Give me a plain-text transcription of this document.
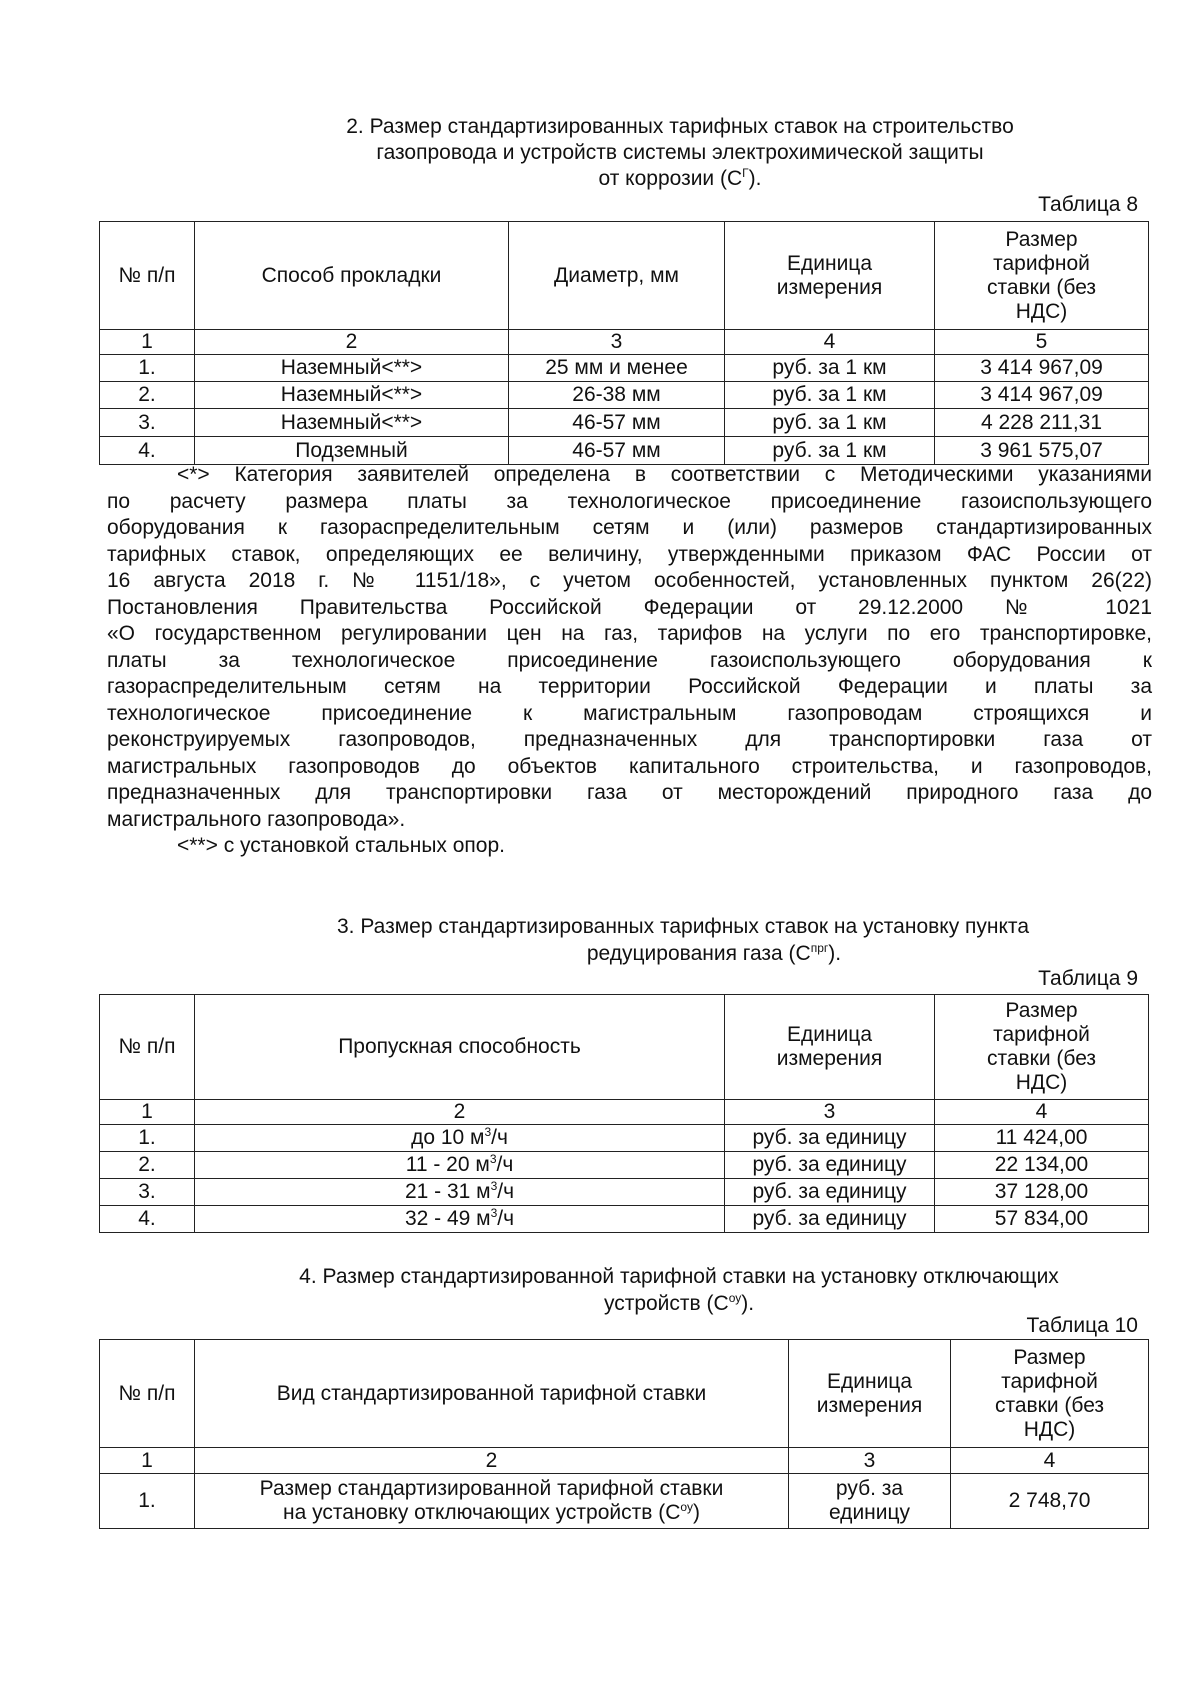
2. Размер стандартизированных тарифных ставок на строительство
газопровода и устройств системы электрохимической защиты
от коррозии $(С^Г)$.
Таблица 8
№ п/п	Способ прокладки	Диаметр, мм	Единица измерения	Размер тарифной ставки (без НДС)
1	2	3	4	5
1.	Наземный<**>	25 мм и менее	руб. за 1 км	3 414 967,09
2.	Наземный<**>	26-38 мм	руб. за 1 км	3 414 967,09
3.	Наземный<**>	46-57 мм	руб. за 1 км	4 228 211,31
4.	Подземный	46-57 мм	руб. за 1 км	3 961 575,07
<*> Категория заявителей определена в соответствии с Методическими указаниями
по расчету размера платы за технологическое присоединение газоиспользующего
оборудования к газораспределительным сетям и (или) размеров стандартизированных
тарифных ставок, определяющих ее величину, утвержденными приказом ФАС России от
16 августа 2018 г. № 1151/18», с учетом особенностей, установленных пунктом 26(22)
Постановления Правительства Российской Федерации от 29.12.2000 № 1021
«О государственном регулировании цен на газ, тарифов на услуги по его транспортировке,
платы за технологическое присоединение газоиспользующего оборудования к
газораспределительным сетям на территории Российской Федерации и платы за
технологическое присоединение к магистральным газопроводам строящихся и
реконструируемых газопроводов, предназначенных для транспортировки газа от
магистральных газопроводов до объектов капитального строительства, и газопроводов,
предназначенных для транспортировки газа от месторождений природного газа до
магистрального газопровода».
<**> с установкой стальных опор.
3. Размер стандартизированных тарифных ставок на установку пункта
редуцирования газа $(С^{прг})$.
Таблица 9
№ п/п	Пропускная способность	Единица измерения	Размер тарифной ставки (без НДС)
1	2	3	4
1.	до 10 $м^3/ч$	руб. за единицу	11 424,00
2.	11 - 20 $м^3/ч$	руб. за единицу	22 134,00
3.	21 - 31 $м^3/ч$	руб. за единицу	37 128,00
4.	32 - 49 $м^3/ч$	руб. за единицу	57 834,00
4. Размер стандартизированной тарифной ставки на установку отключающих
устройств $(С^{оу})$.
Таблица 10
№ п/п	Вид стандартизированной тарифной ставки	Единица измерения	Размер тарифной ставки (без НДС)
1	2	3	4
1.	Размер стандартизированной тарифной ставки
на установку отключающих устройств $(С^{оу})$	руб. за единицу	2 748,70
